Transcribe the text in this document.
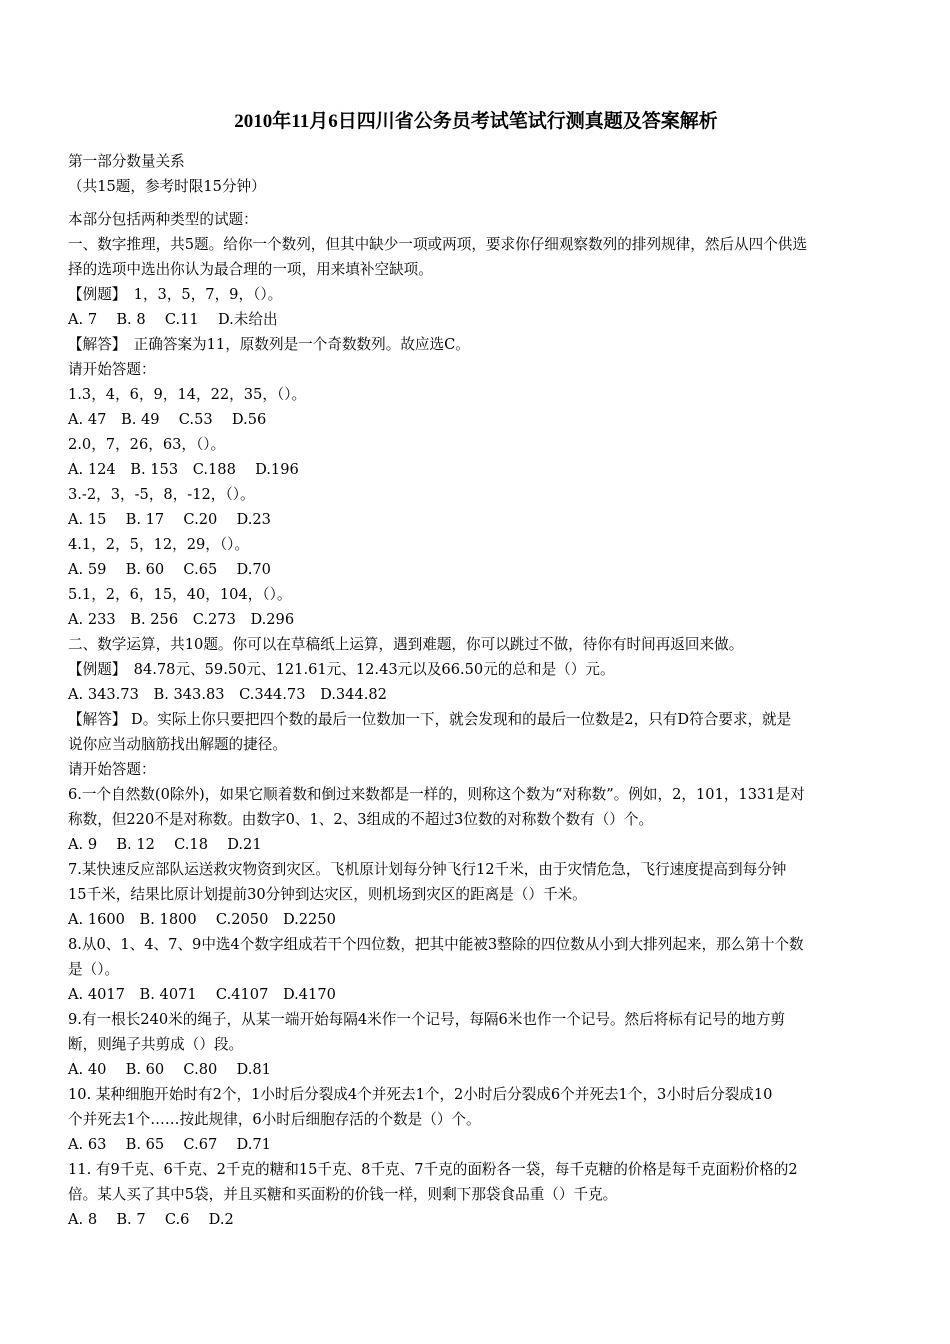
2010年11月6日四川省公务员考试笔试行测真题及答案解析
第一部分数量关系
（共15题，参考时限15分钟）
本部分包括两种类型的试题：
一、数字推理，共5题。给你一个数列，但其中缺少一项或两项，要求你仔细观察数列的排列规律，然后从四个供选
择的选项中选出你认为最合理的一项，用来填补空缺项。
【例题】　1，3，5，7，9，（）。
A. 7　 B. 8　 C.11　 D.未给出
【解答】　正确答案为11，原数列是一个奇数数列。故应选C。
请开始答题：
1.3，4，6，9，14，22，35，（）。
A. 47　B. 49　 C.53　 D.56
2.0，7，26，63，（）。
A. 124　B. 153　C.188　 D.196
3.-2，3，-5，8，-12，（）。
A. 15　 B. 17　 C.20　 D.23
4.1，2，5，12，29，（）。
A. 59　 B. 60　 C.65　 D.70
5.1，2，6，15，40，104，（）。
A. 233　B. 256　C.273　D.296
二、数学运算，共10题。你可以在草稿纸上运算，遇到难题，你可以跳过不做，待你有时间再返回来做。
【例题】　84.78元、59.50元、121.61元、12.43元以及66.50元的总和是（）元。
A. 343.73　B. 343.83　C.344.73　D.344.82
【解答】 D。实际上你只要把四个数的最后一位数加一下，就会发现和的最后一位数是2，只有D符合要求，就是
说你应当动脑筋找出解题的捷径。
请开始答题：
6.一个自然数(0除外)，如果它顺着数和倒过来数都是一样的，则称这个数为“对称数”。例如，2，101，1331是对
称数，但220不是对称数。由数字0、1、2、3组成的不超过3位数的对称数个数有（）个。
A. 9　 B. 12　 C.18　 D.21
7.某快速反应部队运送救灾物资到灾区。飞机原计划每分钟飞行12千米，由于灾情危急，飞行速度提高到每分钟
15千米，结果比原计划提前30分钟到达灾区，则机场到灾区的距离是（）千米。
A. 1600　B. 1800　 C.2050　D.2250
8.从0、1、4、7、9中选4个数字组成若干个四位数，把其中能被3整除的四位数从小到大排列起来，那么第十个数
是（）。
A. 4017　B. 4071　 C.4107　D.4170
9.有一根长240米的绳子，从某一端开始每隔4米作一个记号，每隔6米也作一个记号。然后将标有记号的地方剪
断，则绳子共剪成（）段。
A. 40　 B. 60　 C.80　 D.81
10. 某种细胞开始时有2个，1小时后分裂成4个并死去1个，2小时后分裂成6个并死去1个，3小时后分裂成10
个并死去1个……按此规律，6小时后细胞存活的个数是（）个。
A. 63　 B. 65　 C.67　 D.71
11. 有9千克、6千克、2千克的糖和15千克、8千克、7千克的面粉各一袋，每千克糖的价格是每千克面粉价格的2
倍。某人买了其中5袋，并且买糖和买面粉的价钱一样，则剩下那袋食品重（）千克。
A. 8　 B. 7　 C.6　 D.2
